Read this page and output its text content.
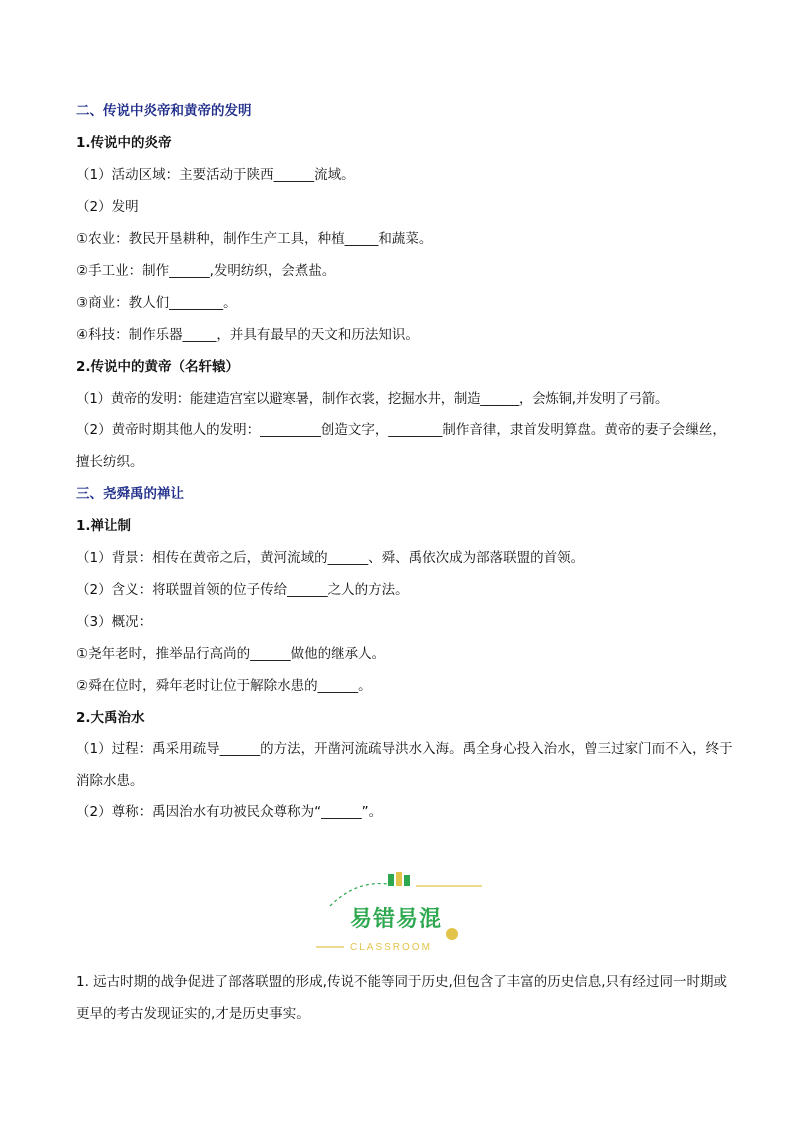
二、传说中炎帝和黄帝的发明
1.传说中的炎帝
（1）活动区域：主要活动于陕西______流域。
（2）发明
①农业：教民开垦耕种，制作生产工具，种植_____和蔬菜。
②手工业：制作______,发明纺织，会煮盐。
③商业：教人们________。
④科技：制作乐器_____，并具有最早的天文和历法知识。
2.传说中的黄帝（名轩辕）
（1）黄帝的发明：能建造宫室以避寒暑，制作衣裳，挖掘水井，制造______，会炼铜,并发明了弓箭。
（2）黄帝时期其他人的发明：_________创造文字，________制作音律，隶首发明算盘。黄帝的妻子会缫丝，擅长纺织。
三、尧舜禹的禅让
1.禅让制
（1）背景：相传在黄帝之后，黄河流域的______、舜、禹依次成为部落联盟的首领。
（2）含义：将联盟首领的位子传给______之人的方法。
（3）概况：
①尧年老时，推举品行高尚的______做他的继承人。
②舜在位时，舜年老时让位于解除水患的______。
2.大禹治水
（1）过程：禹采用疏导______的方法，开凿河流疏导洪水入海。禹全身心投入治水，曾三过家门而不入，终于消除水患。
（2）尊称：禹因治水有功被民众尊称为“______”。
易错易混
CLASSROOM
1. 远古时期的战争促进了部落联盟的形成,传说不能等同于历史,但包含了丰富的历史信息,只有经过同一时期或更早的考古发现证实的,才是历史事实。
